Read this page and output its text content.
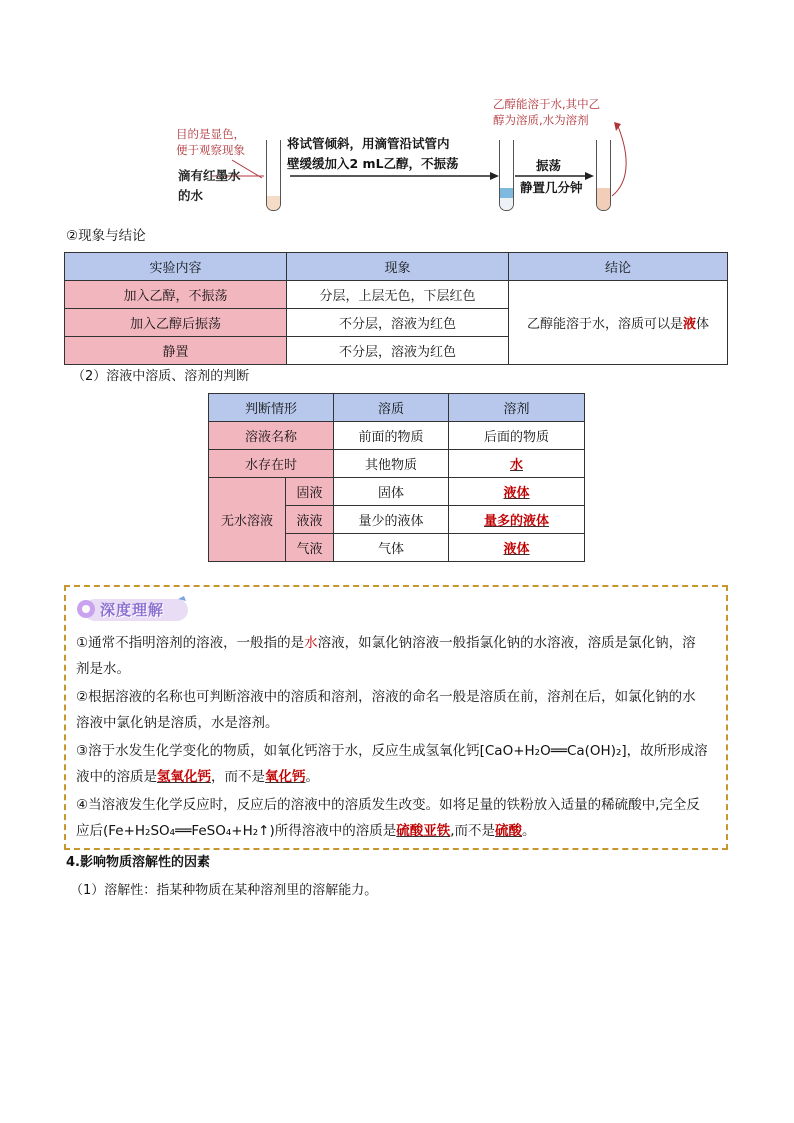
目的是显色，
便于观察现象
滴有红墨水
的水
将试管倾斜，用滴管沿试管内
壁缓缓加入2 mL乙醇，不振荡	振荡
静置几分钟
乙醇能溶于水,其中乙
醇为溶质,水为溶剂
②现象与结论
实验内容	现象	结论
加入乙醇，不振荡	分层，上层无色，下层红色	乙醇能溶于水，溶质可以是液体
加入乙醇后振荡	不分层，溶液为红色	
静置	不分层，溶液为红色	
（2）溶液中溶质、溶剂的判断
判断情形		溶质	溶剂
溶液名称		前面的物质	后面的物质
水存在时		其他物质	水
无水溶液	固液	固体	液体
	液液	量少的液体	量多的液体
	气液	气体	液体
深度理解
①通常不指明溶剂的溶液，一般指的是水溶液，如氯化钠溶液一般指氯化钠的水溶液，溶质是氯化钠，溶
剂是水。
②根据溶液的名称也可判断溶液中的溶质和溶剂，溶液的命名一般是溶质在前，溶剂在后，如氯化钠的水
溶液中氯化钠是溶质，水是溶剂。
③溶于水发生化学变化的物质，如氧化钙溶于水，反应生成氢氧化钙[CaO+H₂O══Ca(OH)₂]，故所形成溶
液中的溶质是氢氧化钙，而不是氧化钙。
④当溶液发生化学反应时，反应后的溶液中的溶质发生改变。如将足量的铁粉放入适量的稀硫酸中,完全反
应后(Fe+H₂SO₄══FeSO₄+H₂↑)所得溶液中的溶质是硫酸亚铁,而不是硫酸。
4.影响物质溶解性的因素
（1）溶解性：指某种物质在某种溶剂里的溶解能力。
